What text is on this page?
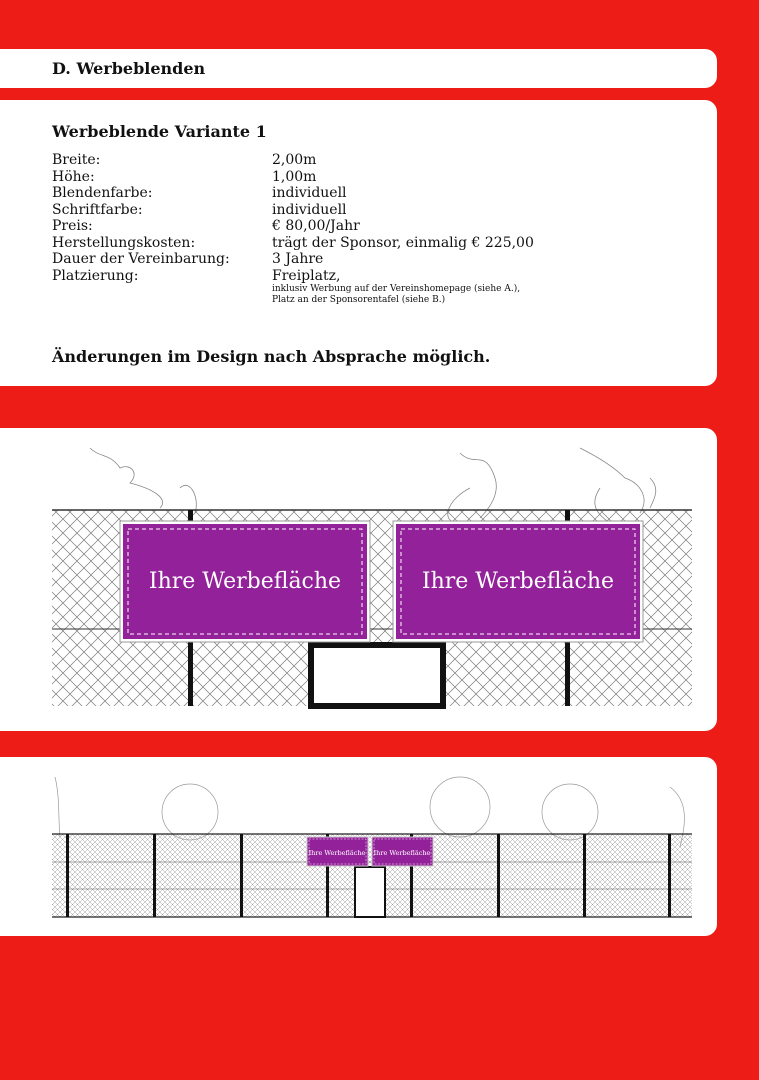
D. Werbeblenden
Werbeblende Variante 1
Breite:	2,00m
Höhe:	1,00m
Blendenfarbe:	individuell
Schriftfarbe:	individuell
Preis:	€ 80,00/Jahr
Herstellungskosten:	trägt der Sponsor, einmalig € 225,00
Dauer der Vereinbarung:	3 Jahre
Platzierung:	Freiplatz,
inklusiv Werbung auf der Vereinshomepage (siehe A.),
Platz an der Sponsorentafel (siehe B.)

Änderungen im Design nach Absprache möglich.

Ihre Werbefläche	Ihre Werbefläche
Ihre Werbefläche Ihre Werbefläche
